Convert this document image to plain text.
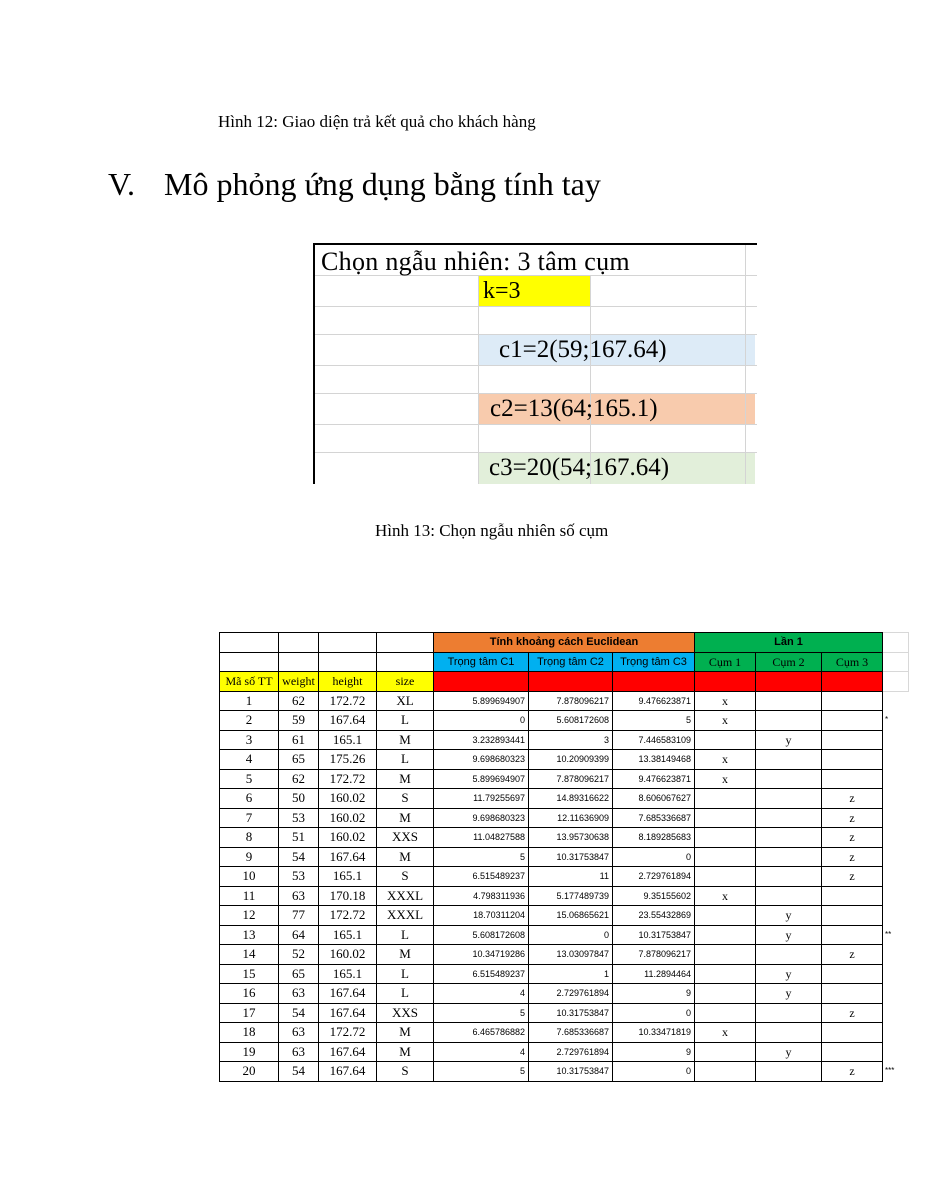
Hình 12: Giao diện trả kết quả cho khách hàng
V. Mô phỏng ứng dụng bằng tính tay
Chọn ngẫu nhiên: 3 tâm cụm
k=3
c1=2(59;167.64)
c2=13(64;165.1)
c3=20(54;167.64)
Hình 13: Chọn ngẫu nhiên số cụm
				Tính khoảng cách Euclidean			Lần 1			
				Trọng tâm C1	Trọng tâm C2	Trọng tâm C3	Cụm 1	Cụm 2	Cụm 3	
Mã số TT	weight	height	size							
1	62	172.72	XL	5.899694907	7.878096217	9.476623871	x			
2	59	167.64	L	0	5.608172608	5	x			*
3	61	165.1	M	3.232893441	3	7.446583109		y		
4	65	175.26	L	9.698680323	10.20909399	13.38149468	x			
5	62	172.72	M	5.899694907	7.878096217	9.476623871	x			
6	50	160.02	S	11.79255697	14.89316622	8.606067627			z	
7	53	160.02	M	9.698680323	12.11636909	7.685336687			z	
8	51	160.02	XXS	11.04827588	13.95730638	8.189285683			z	
9	54	167.64	M	5	10.31753847	0			z	
10	53	165.1	S	6.515489237	11	2.729761894			z	
11	63	170.18	XXXL	4.798311936	5.177489739	9.35155602	x			
12	77	172.72	XXXL	18.70311204	15.06865621	23.55432869		y		
13	64	165.1	L	5.608172608	0	10.31753847		y		**
14	52	160.02	M	10.34719286	13.03097847	7.878096217			z	
15	65	165.1	L	6.515489237	1	11.2894464		y		
16	63	167.64	L	4	2.729761894	9		y		
17	54	167.64	XXS	5	10.31753847	0			z	
18	63	172.72	M	6.465786882	7.685336687	10.33471819	x			
19	63	167.64	M	4	2.729761894	9		y		
20	54	167.64	S	5	10.31753847	0			z	***
